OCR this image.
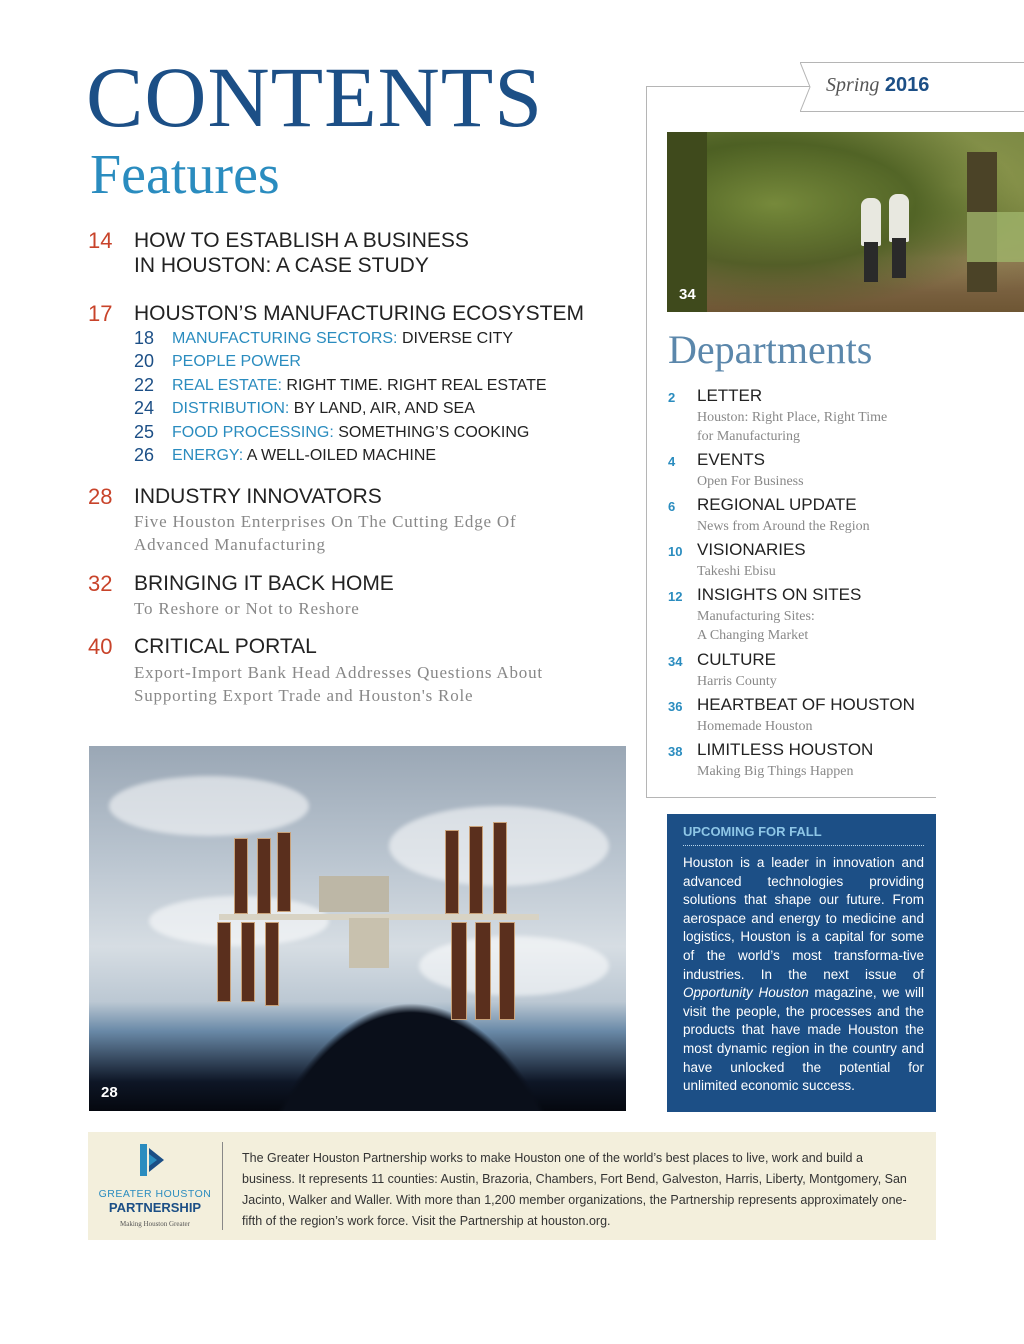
CONTENTS
Features
Spring 2016
14 HOW TO ESTABLISH A BUSINESS
IN HOUSTON: A CASE STUDY
17 HOUSTON’S MANUFACTURING ECOSYSTEM
18 MANUFACTURING SECTORS: DIVERSE CITY
20 PEOPLE POWER
22 REAL ESTATE: RIGHT TIME. RIGHT REAL ESTATE
24 DISTRIBUTION: BY LAND, AIR, AND SEA
25 FOOD PROCESSING: SOMETHING’S COOKING
26 ENERGY: A WELL-OILED MACHINE
28 INDUSTRY INNOVATORS
Five Houston Enterprises On The Cutting Edge Of
Advanced Manufacturing
32 BRINGING IT BACK HOME
To Reshore or Not to Reshore
40 CRITICAL PORTAL
Export-Import Bank Head Addresses Questions About
Supporting Export Trade and Houston's Role
34
Departments
2 LETTER
Houston: Right Place, Right Time
for Manufacturing
4 EVENTS
Open For Business
6 REGIONAL UPDATE
News from Around the Region
10 VISIONARIES
Takeshi Ebisu
12 INSIGHTS ON SITES
Manufacturing Sites:
A Changing Market
34 CULTURE
Harris County
36 HEARTBEAT OF HOUSTON
Homemade Houston
38 LIMITLESS HOUSTON
Making Big Things Happen
UPCOMING FOR FALL
Houston is a leader in innovation and advanced technologies providing solutions that shape our future. From aerospace and energy to medicine and logistics, Houston is a capital for some of the world’s most transforma-tive industries. In the next issue of Opportunity Houston magazine, we will visit the people, the processes and the products that have made Houston the most dynamic region in the country and have unlocked the potential for unlimited economic success.
28
GREATER HOUSTON
PARTNERSHIP
Making Houston Greater
The Greater Houston Partnership works to make Houston one of the world’s best places to live, work and build a business. It represents 11 counties: Austin, Brazoria, Chambers, Fort Bend, Galveston, Harris, Liberty, Montgomery, San Jacinto, Walker and Waller. With more than 1,200 member organizations, the Partnership represents approximately one-fifth of the region’s work force. Visit the Partnership at houston.org.
